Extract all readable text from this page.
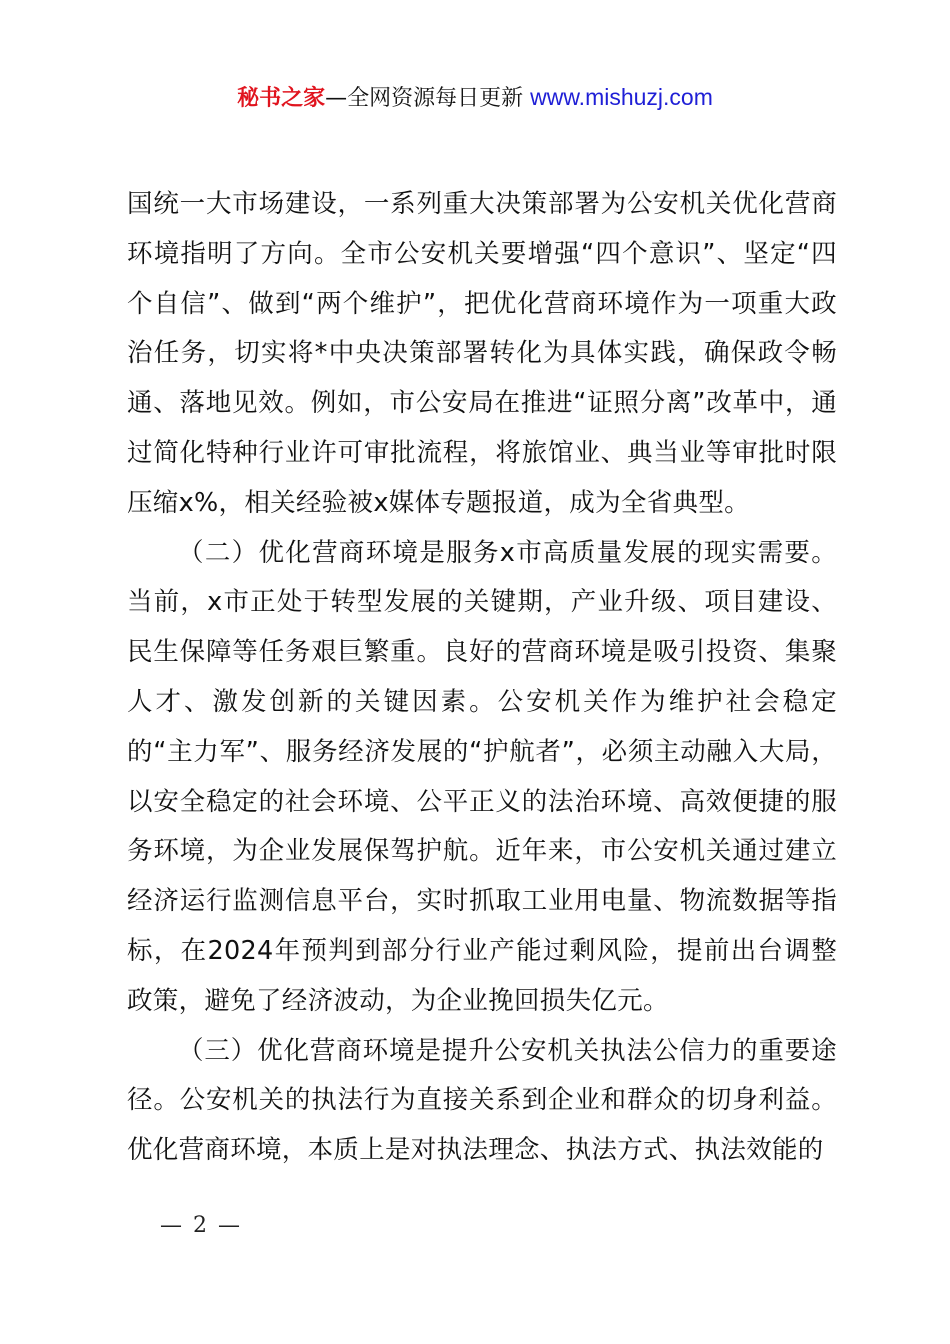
秘书之家—全网资源每日更新 www.mishuzj.com

国统一大市场建设，一系列重大决策部署为公安机关优化营商环境指明了方向。全市公安机关要增强“四个意识”、坚定“四个自信”、做到“两个维护”，把优化营商环境作为一项重大政治任务，切实将*中央决策部署转化为具体实践，确保政令畅通、落地见效。例如，市公安局在推进“证照分离”改革中，通过简化特种行业许可审批流程，将旅馆业、典当业等审批时限压缩x%，相关经验被x媒体专题报道，成为全省典型。

（二）优化营商环境是服务x市高质量发展的现实需要。当前，x市正处于转型发展的关键期，产业升级、项目建设、民生保障等任务艰巨繁重。良好的营商环境是吸引投资、集聚人才、激发创新的关键因素。公安机关作为维护社会稳定的“主力军”、服务经济发展的“护航者”，必须主动融入大局，以安全稳定的社会环境、公平正义的法治环境、高效便捷的服务环境，为企业发展保驾护航。近年来，市公安机关通过建立经济运行监测信息平台，实时抓取工业用电量、物流数据等指标，在2024年预判到部分行业产能过剩风险，提前出台调整政策，避免了经济波动，为企业挽回损失亿元。

（三）优化营商环境是提升公安机关执法公信力的重要途径。公安机关的执法行为直接关系到企业和群众的切身利益。优化营商环境，本质上是对执法理念、执法方式、执法效能的

— 2 —
